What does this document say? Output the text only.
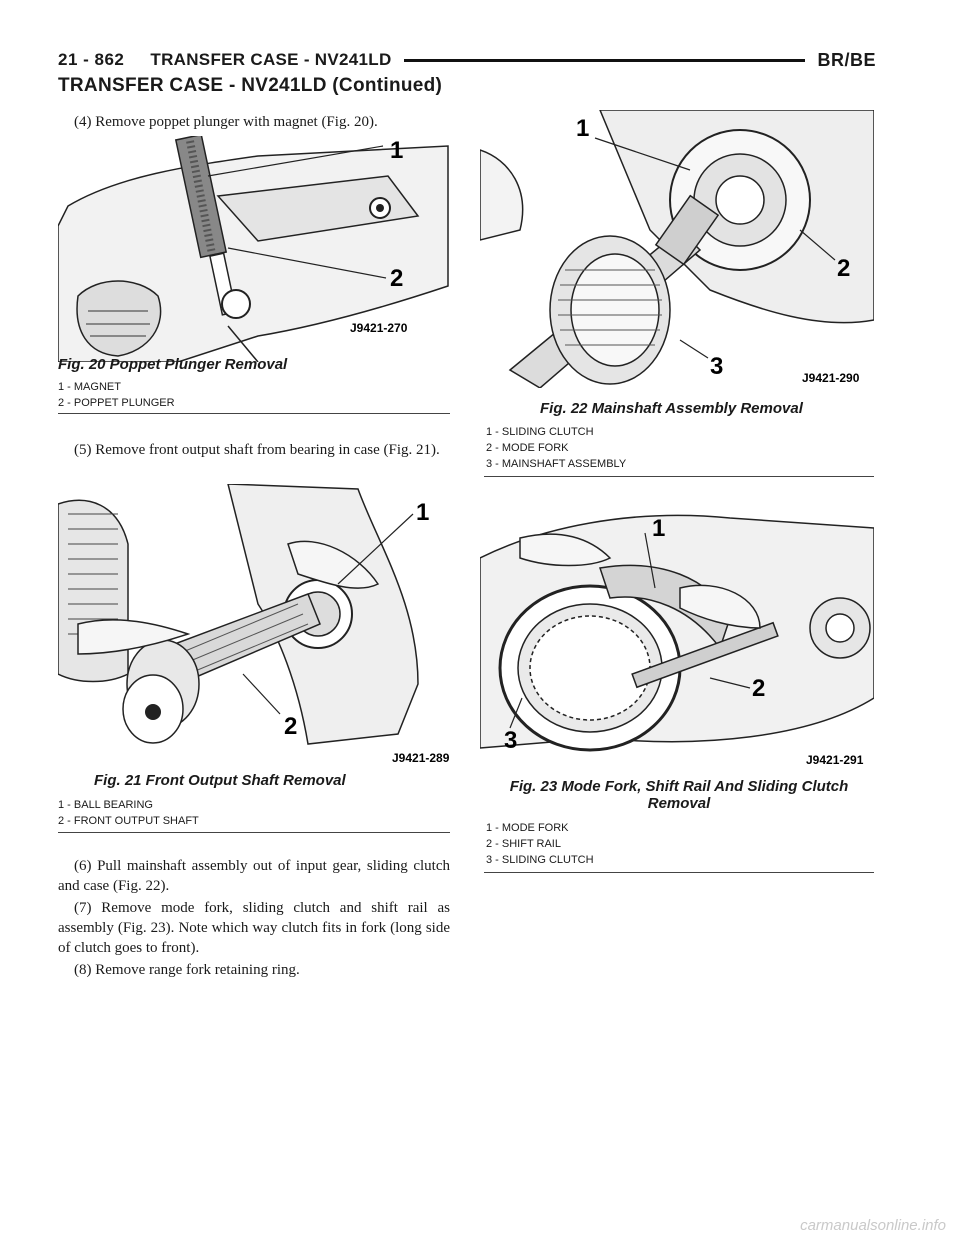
21 - 862 TRANSFER CASE - NV241LD	BR/BE
TRANSFER CASE - NV241LD (Continued)
(4) Remove poppet plunger with magnet (Fig. 20).
1
2
J9421-270
Fig. 20 Poppet Plunger Removal
1 - MAGNET
2 - POPPET PLUNGER
(5) Remove front output shaft from bearing in case (Fig. 21).
1
2
J9421-289
Fig. 21 Front Output Shaft Removal
1 - BALL BEARING
2 - FRONT OUTPUT SHAFT
(6) Pull mainshaft assembly out of input gear, sliding clutch and case (Fig. 22).
(7) Remove mode fork, sliding clutch and shift rail as assembly (Fig. 23). Note which way clutch fits in fork (long side of clutch goes to front).
(8) Remove range fork retaining ring.
1
2
3	J9421-290
Fig. 22 Mainshaft Assembly Removal
1 - SLIDING CLUTCH
2 - MODE FORK
3 - MAINSHAFT ASSEMBLY
1
2
3
J9421-291
Fig. 23 Mode Fork, Shift Rail And Sliding Clutch
Removal
1 - MODE FORK
2 - SHIFT RAIL
3 - SLIDING CLUTCH
carmanualsonline.info
